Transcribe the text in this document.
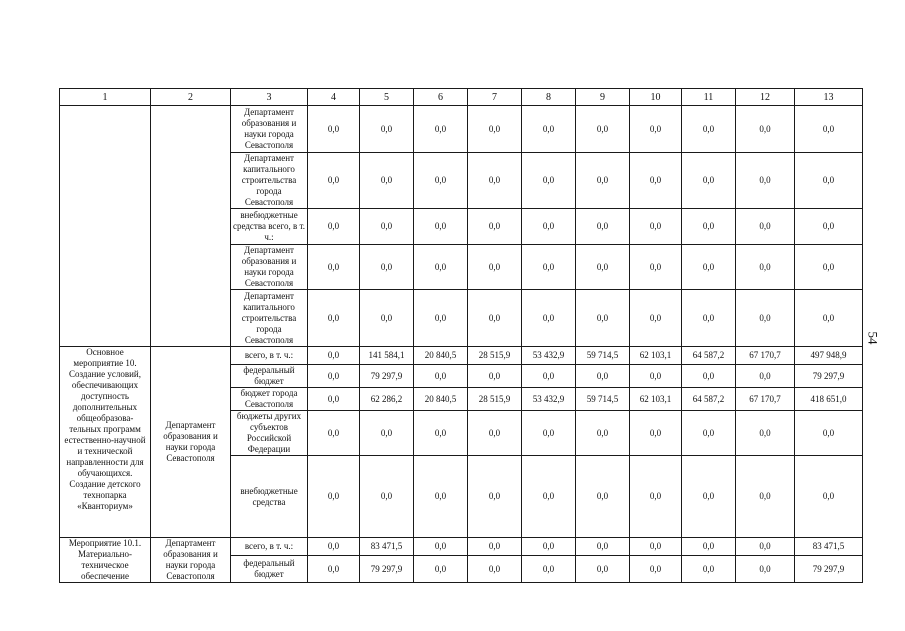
1	2	3	4	5	6	7	8	9	10	11	12	13
		Департамент образования и науки города Севастополя	0,0	0,0	0,0	0,0	0,0	0,0	0,0	0,0	0,0	0,0
		Департамент капитального строительства города Севастополя	0,0	0,0	0,0	0,0	0,0	0,0	0,0	0,0	0,0	0,0
		внебюджетные средства всего, в т. ч.:	0,0	0,0	0,0	0,0	0,0	0,0	0,0	0,0	0,0	0,0
		Департамент образования и науки города Севастополя	0,0	0,0	0,0	0,0	0,0	0,0	0,0	0,0	0,0	0,0
		Департамент капитального строительства города Севастополя	0,0	0,0	0,0	0,0	0,0	0,0	0,0	0,0	0,0	0,0
Основное мероприятие 10. Создание условий, обеспечивающих доступность дополнительных общеобразова-тельных программ естественно-научной и технической направленности для обучающихся. Создание детского технопарка «Кванториум»	Департамент образования и науки города Севастополя	всего, в т. ч.:	0,0	141 584,1	20 840,5	28 515,9	53 432,9	59 714,5	62 103,1	64 587,2	67 170,7	497 948,9
		федеральный бюджет	0,0	79 297,9	0,0	0,0	0,0	0,0	0,0	0,0	0,0	79 297,9
		бюджет города Севастополя	0,0	62 286,2	20 840,5	28 515,9	53 432,9	59 714,5	62 103,1	64 587,2	67 170,7	418 651,0
		бюджеты других субъектов Российской Федерации	0,0	0,0	0,0	0,0	0,0	0,0	0,0	0,0	0,0	0,0
		внебюджетные средства	0,0	0,0	0,0	0,0	0,0	0,0	0,0	0,0	0,0	0,0
Мероприятие 10.1. Материально-техническое обеспечение	Департамент образования и науки города Севастополя	всего, в т. ч.:	0,0	83 471,5	0,0	0,0	0,0	0,0	0,0	0,0	0,0	83 471,5
		федеральный бюджет	0,0	79 297,9	0,0	0,0	0,0	0,0	0,0	0,0	0,0	79 297,9
54
